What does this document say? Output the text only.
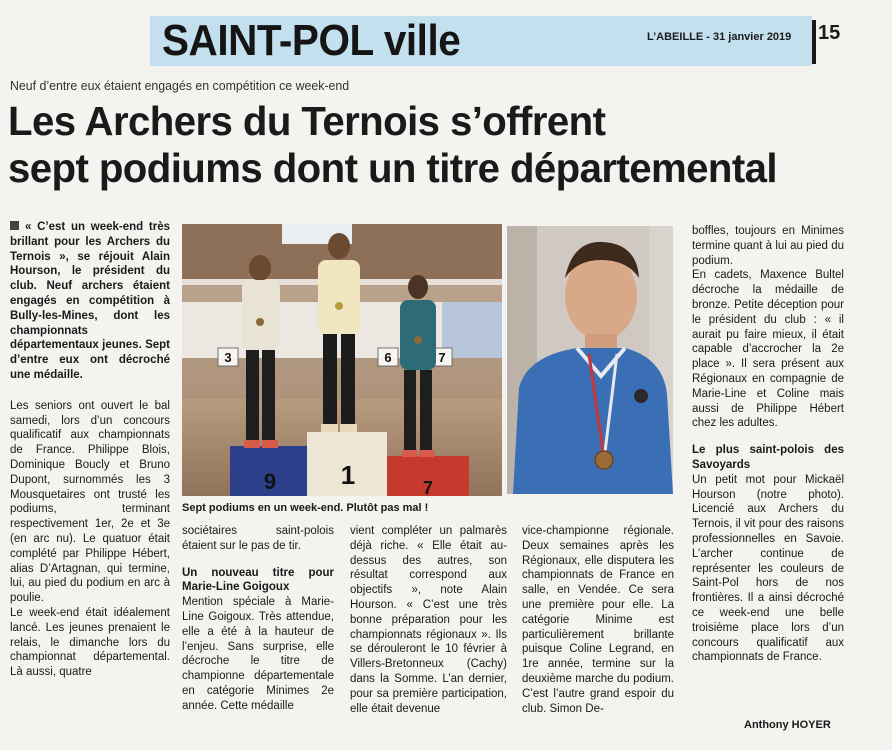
SAINT-POL ville	L’ABEILLE - 31 janvier 2019 15
Neuf d’entre eux étaient engagés en compétition ce week-end
Les Archers du Ternois s’offrent
sept podiums dont un titre départemental

« C’est un week-end très brillant pour les Archers du Ternois », se réjouit Alain Hourson, le président du club. Neuf archers étaient engagés en compétition à Bully-les-Mines, dont les championnats départementaux jeunes. Sept d’entre eux ont décroché une médaille.

Les seniors ont ouvert le bal samedi, lors d’un concours qualificatif aux championnats de France. Philippe Blois, Dominique Boucly et Bruno Dupont, surnommés les 3 Mousquetaires ont trusté les podiums, terminant respectivement 1er, 2e et 3e (en arc nu). Le quatuor était complété par Philippe Hébert, alias D’Artagnan, qui termine, lui, au pied du podium en arc à poulie.

Le week-end était idéalement lancé. Les jeunes prenaient le relais, le dimanche lors du championnat départemental. Là aussi, quatre

3	6	7
9 1	7
Sept podiums en un week-end. Plutôt pas mal !

sociétaires saint-polois étaient sur le pas de tir.

Un nouveau titre pour Marie-Line Goigoux

Mention spéciale à Marie-Line Goigoux. Très attendue, elle a été à la hauteur de l’enjeu. Sans surprise, elle décroche le titre de championne départementale en catégorie Minimes 2e année. Cette médaille

vient compléter un palmarès déjà riche. « Elle était au-dessus des autres, son résultat correspond aux objectifs », note Alain Hourson. « C’est une très bonne préparation pour les championnats régionaux ». Ils se dérouleront le 10 février à Villers-Bretonneux (Cachy) dans la Somme. L’an dernier, pour sa première participation, elle était devenue

vice-championne régionale. Deux semaines après les Régionaux, elle disputera les championnats de France en salle, en Vendée. Ce sera une première pour elle. La catégorie Minime est particulièrement brillante puisque Coline Legrand, en 1re année, termine sur la deuxième marche du podium. C’est l’autre grand espoir du club. Simon De-

boffles, toujours en Minimes termine quant à lui au pied du podium.

En cadets, Maxence Bultel décroche la médaille de bronze. Petite déception pour le président du club : « il aurait pu faire mieux, il était capable d’accrocher la 2e place ». Il sera présent aux Régionaux en compagnie de Marie-Line et Coline mais aussi de Philippe Hébert chez les adultes.

Le plus saint-polois des Savoyards

Un petit mot pour Mickaël Hourson (notre photo). Licencié aux Archers du Ternois, il vit pour des raisons professionnelles en Savoie. L’archer continue de représenter les couleurs de Saint-Pol hors de nos frontières. Il a ainsi décroché ce week-end une belle troisième place lors d’un concours qualificatif aux championnats de France.

Anthony HOYER
